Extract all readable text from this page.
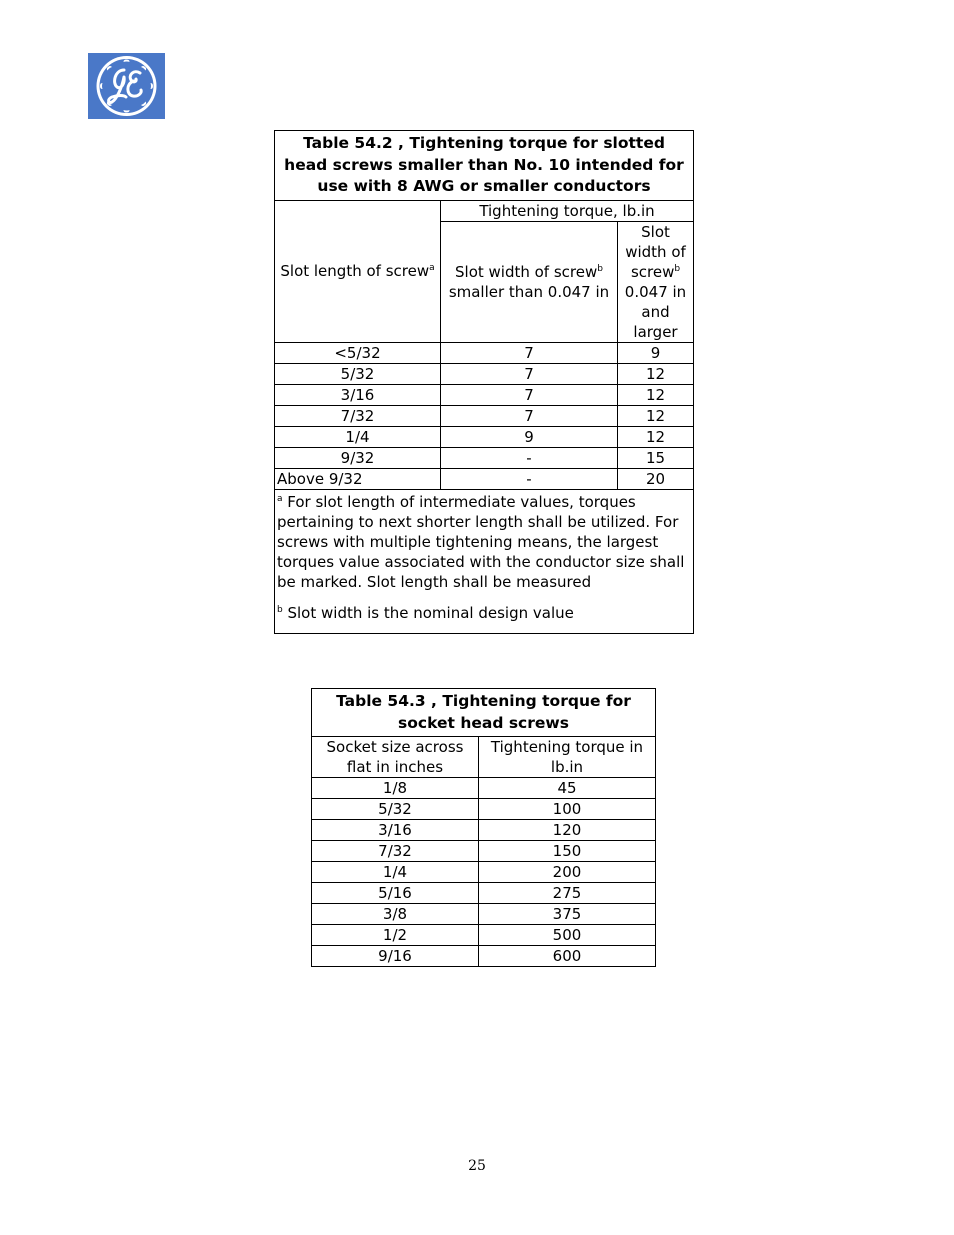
Table 54.2 , Tightening torque for slotted head screws smaller than No. 10 intended for use with 8 AWG or smaller conductors		
Slot length of screw$^a$	Tightening torque, lb.in	
	Slot width of screw$^b$ smaller than 0.047 in	Slot width of screw$^b$ 0.047 in and larger
<5/32	7	9
5/32	7	12
3/16	7	12
7/32	7	12
1/4	9	12
9/32	-	15
Above 9/32	-	20

$^a$ For slot length of intermediate values, torques pertaining to next shorter length shall be utilized. For screws with multiple tightening means, the largest torques value associated with the conductor size shall be marked. Slot length shall be measured

$^b$ Slot width is the nominal design value		

Table 54.3 , Tightening torque for socket head screws	
Socket size across flat in inches	Tightening torque in lb.in
1/8	45
5/32	100
3/16	120
7/32	150
1/4	200
5/16	275
3/8	375
1/2	500
9/16	600
25
